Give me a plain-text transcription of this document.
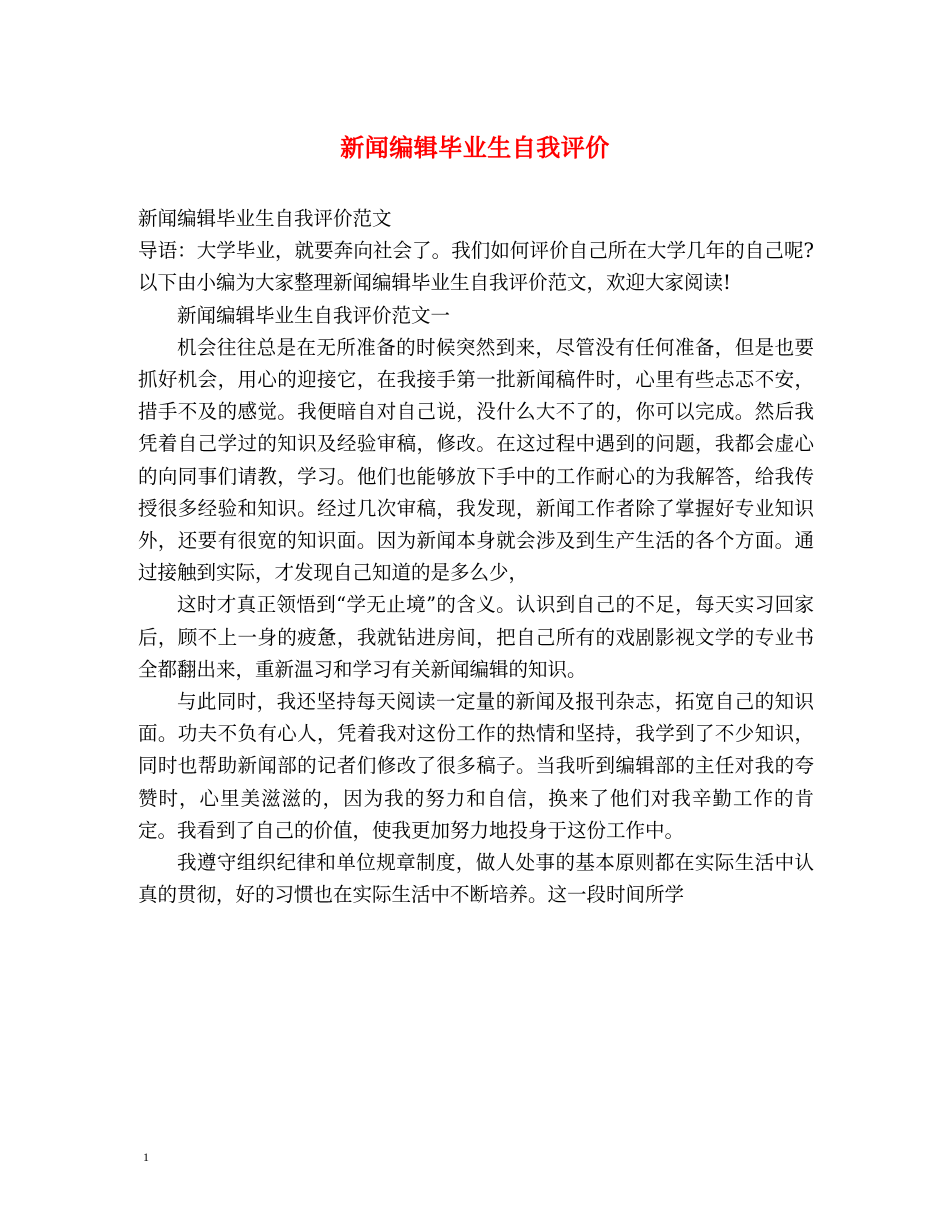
新闻编辑毕业生自我评价

新闻编辑毕业生自我评价范文

导语：大学毕业，就要奔向社会了。我们如何评价自己所在大学几年的自己呢?以下由小编为大家整理新闻编辑毕业生自我评价范文，欢迎大家阅读!

新闻编辑毕业生自我评价范文一

机会往往总是在无所准备的时候突然到来，尽管没有任何准备，但是也要抓好机会，用心的迎接它，在我接手第一批新闻稿件时，心里有些忐忑不安，措手不及的感觉。我便暗自对自己说，没什么大不了的，你可以完成。然后我凭着自己学过的知识及经验审稿，修改。在这过程中遇到的问题，我都会虚心的向同事们请教，学习。他们也能够放下手中的工作耐心的为我解答，给我传授很多经验和知识。经过几次审稿，我发现，新闻工作者除了掌握好专业知识外，还要有很宽的知识面。因为新闻本身就会涉及到生产生活的各个方面。通过接触到实际，才发现自己知道的是多么少，

这时才真正领悟到“学无止境”的含义。认识到自己的不足，每天实习回家后，顾不上一身的疲惫，我就钻进房间，把自己所有的戏剧影视文学的专业书全都翻出来，重新温习和学习有关新闻编辑的知识。

与此同时，我还坚持每天阅读一定量的新闻及报刊杂志，拓宽自己的知识面。功夫不负有心人，凭着我对这份工作的热情和坚持，我学到了不少知识，同时也帮助新闻部的记者们修改了很多稿子。当我听到编辑部的主任对我的夸赞时，心里美滋滋的，因为我的努力和自信，换来了他们对我辛勤工作的肯定。我看到了自己的价值，使我更加努力地投身于这份工作中。

我遵守组织纪律和单位规章制度，做人处事的基本原则都在实际生活中认真的贯彻，好的习惯也在实际生活中不断培养。这一段时间所学

1
